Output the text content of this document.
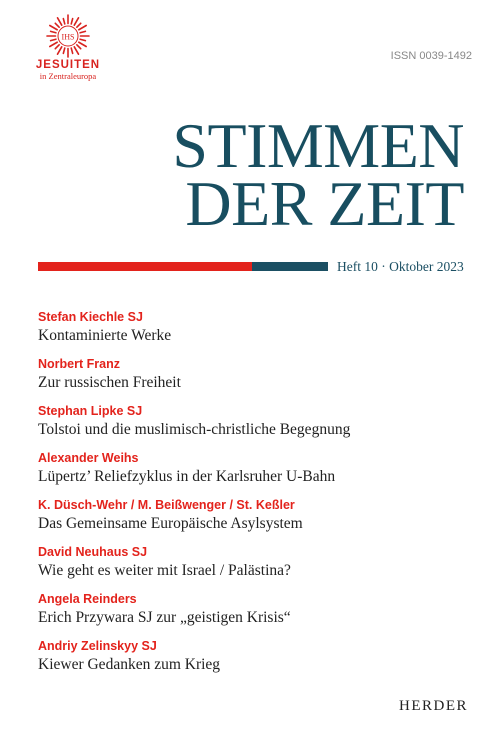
IHS
JESUITEN
in Zentraleuropa
ISSN 0039-1492
STIMMEN
DER ZEIT
Heft 10 · Oktober 2023
Stefan Kiechle SJ
Kontaminierte Werke
Norbert Franz
Zur russischen Freiheit
Stephan Lipke SJ
Tolstoi und die muslimisch-christliche Begegnung
Alexander Weihs
Lüpertz’ Reliefzyklus in der Karlsruher U-Bahn
K. Düsch-Wehr / M. Beißwenger / St. Keßler
Das Gemeinsame Europäische Asylsystem
David Neuhaus SJ
Wie geht es weiter mit Israel / Palästina?
Angela Reinders
Erich Przywara SJ zur „geistigen Krisis“
Andriy Zelinskyy SJ
Kiewer Gedanken zum Krieg
HERDER
